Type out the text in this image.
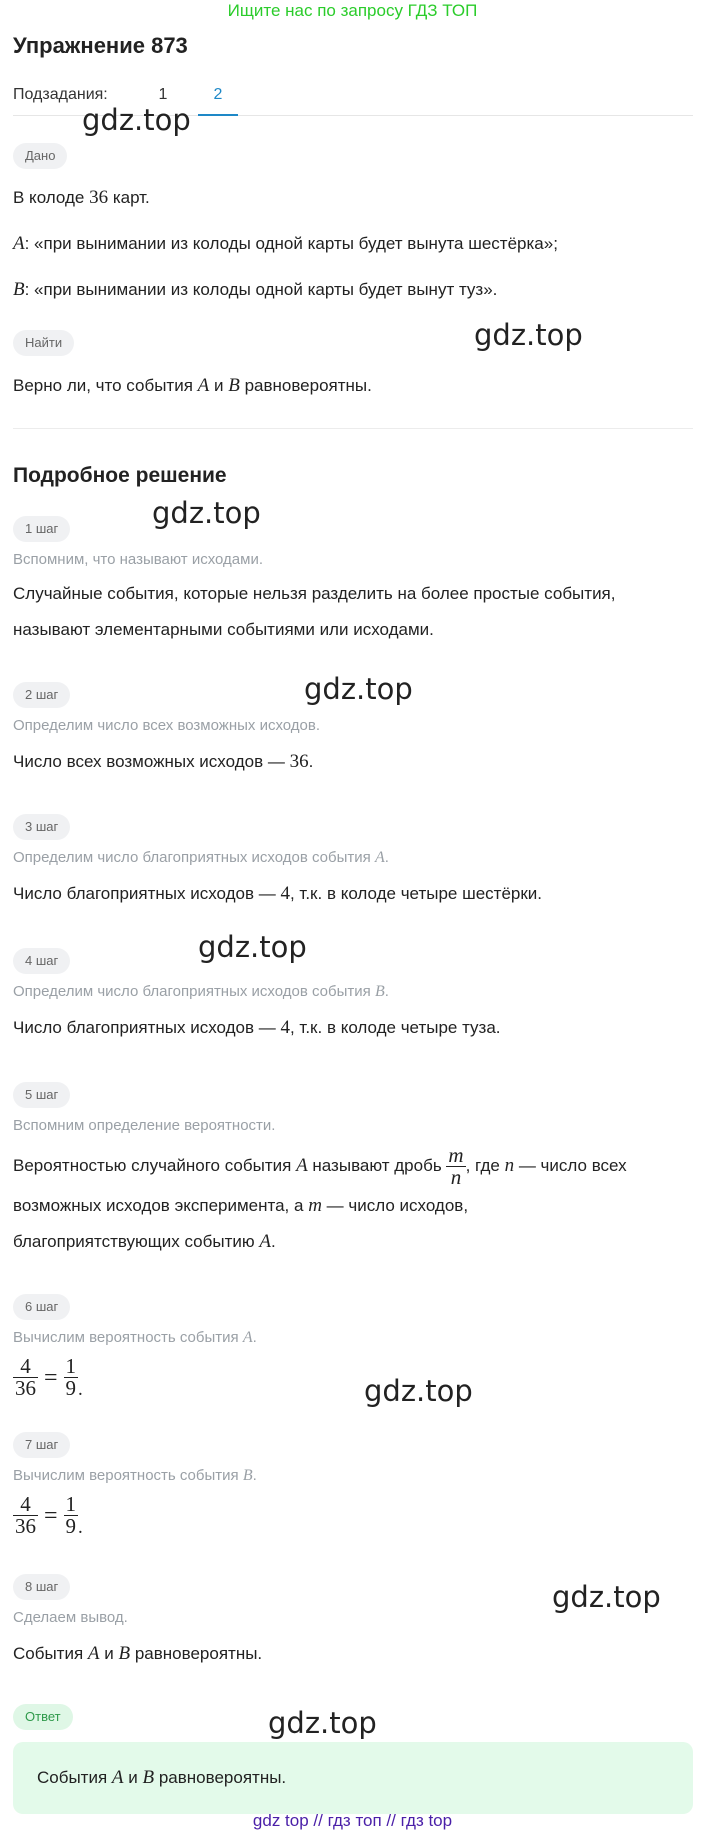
Ищите нас по запросу ГДЗ ТОП
Упражнение 873
Подзадания:	1	2
Дано
В колоде 36 карт.
A: «при вынимании из колоды одной карты будет вынута шестёрка»;
B: «при вынимании из колоды одной карты будет вынут туз».
Найти
Верно ли, что события A и B равновероятны.
Подробное решение
1 шаг
Вспомним, что называют исходами.
Случайные события, которые нельзя разделить на более простые события,
называют элементарными событиями или исходами.
2 шаг
Определим число всех возможных исходов.
Число всех возможных исходов — 36.
3 шаг
Определим число благоприятных исходов события A.
Число благоприятных исходов — 4, т.к. в колоде четыре шестёрки.
4 шаг
Определим число благоприятных исходов события B.
Число благоприятных исходов — 4, т.к. в колоде четыре туза.
5 шаг
Вспомним определение вероятности.
Вероятностью случайного события A называют дробь $\frac{m}{n}$ , где n — число всех
возможных исходов эксперимента, а m — число исходов,
благоприятствующих событию A.
6 шаг
Вычислим вероятность события A.
$\frac{4}{36} = \frac{1}{9}$ .
7 шаг
Вычислим вероятность события B.
$\frac{4}{36} = \frac{1}{9}$ .
8 шаг
Сделаем вывод.
События A и B равновероятны.
Ответ
События A и B равновероятны.
gdz.top
gdz.top
gdz.top
gdz.top
gdz.top
gdz.top
gdz.top
gdz.top
gdz top // гдз топ // гдз top
